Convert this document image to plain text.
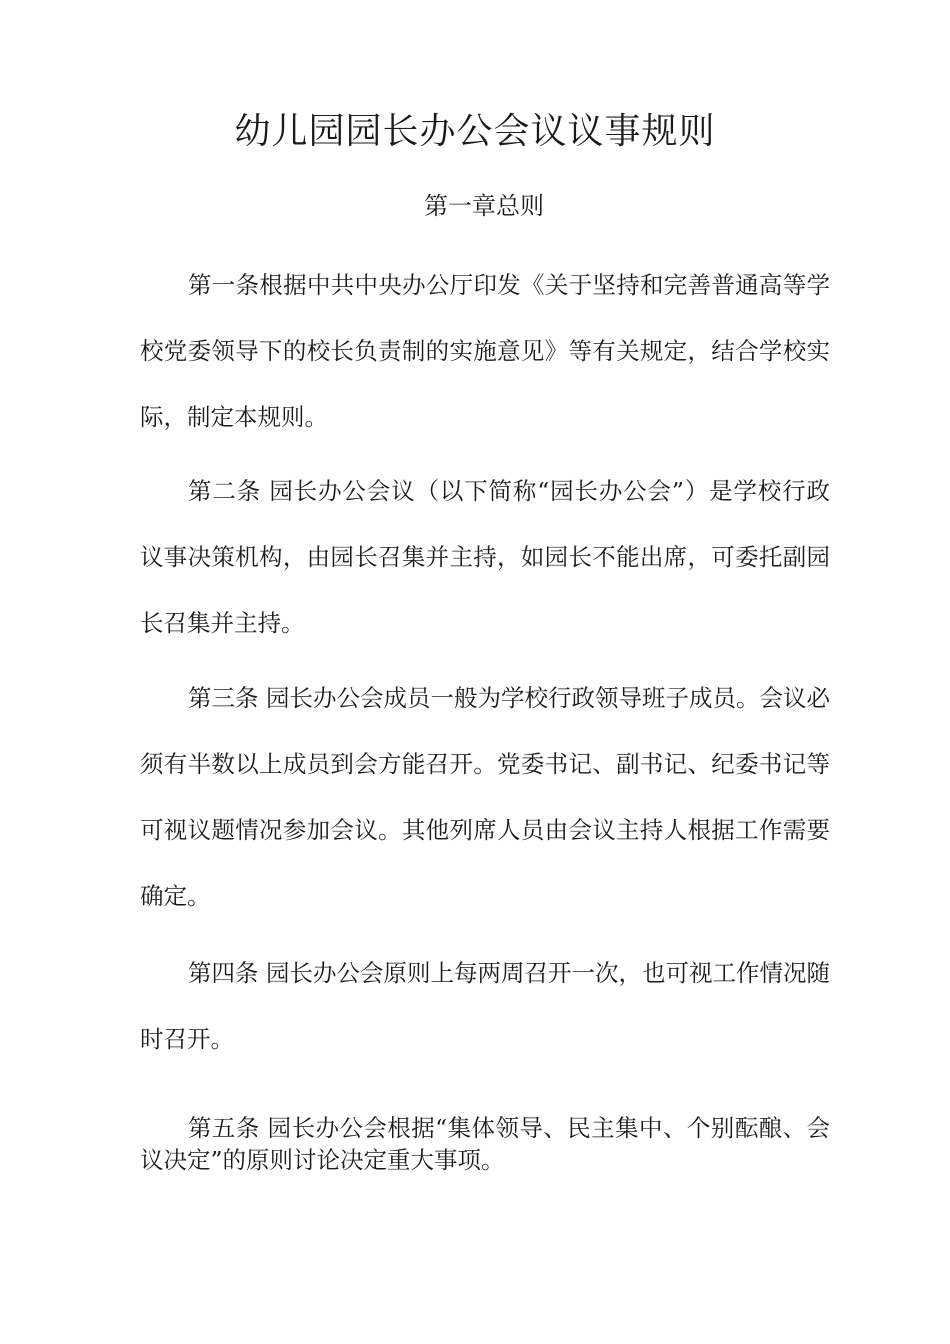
幼儿园园长办公会议议事规则
第一章总则

第一条根据中共中央办公厅印发《关于坚持和完善普通高等学校党委领导下的校长负责制的实施意见》等有关规定，结合学校实际，制定本规则。

第二条 园长办公会议（以下简称“园长办公会”）是学校行政议事决策机构，由园长召集并主持，如园长不能出席，可委托副园长召集并主持。

第三条 园长办公会成员一般为学校行政领导班子成员。会议必须有半数以上成员到会方能召开。党委书记、副书记、纪委书记等可视议题情况参加会议。其他列席人员由会议主持人根据工作需要确定。

第四条 园长办公会原则上每两周召开一次，也可视工作情况随时召开。

第五条 园长办公会根据“集体领导、民主集中、个别酝酿、会议决定”的原则讨论决定重大事项。
